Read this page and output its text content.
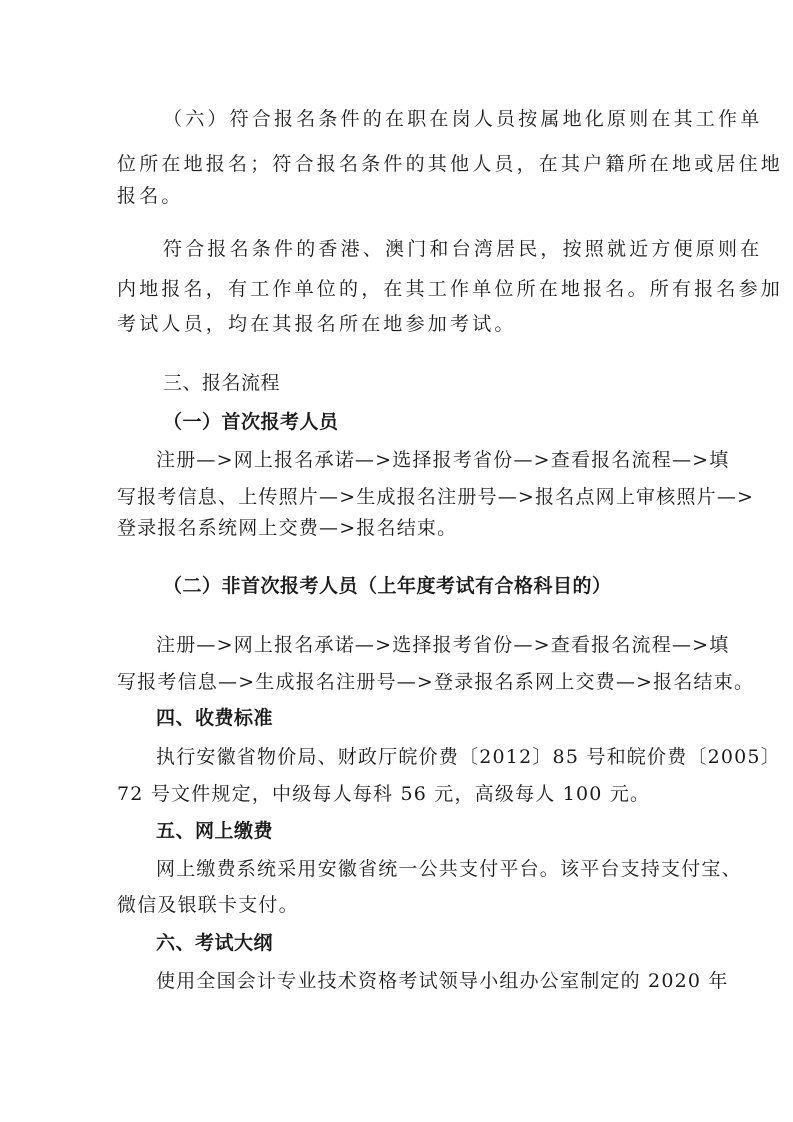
（六）符合报名条件的在职在岗人员按属地化原则在其工作单
位所在地报名；符合报名条件的其他人员，在其户籍所在地或居住地
报名。
符合报名条件的香港、澳门和台湾居民，按照就近方便原则在
内地报名，有工作单位的，在其工作单位所在地报名。所有报名参加
考试人员，均在其报名所在地参加考试。
三、报名流程
（一）首次报考人员
注册—>网上报名承诺—>选择报考省份—>查看报名流程—>填
写报考信息、上传照片—>生成报名注册号—>报名点网上审核照片—>
登录报名系统网上交费—>报名结束。
（二）非首次报考人员（上年度考试有合格科目的）
注册—>网上报名承诺—>选择报考省份—>查看报名流程—>填
写报考信息—>生成报名注册号—>登录报名系网上交费—>报名结束。
四、收费标准
执行安徽省物价局、财政厅皖价费〔2012〕85 号和皖价费〔2005〕
72 号文件规定，中级每人每科 56 元，高级每人 100 元。
五、网上缴费
网上缴费系统采用安徽省统一公共支付平台。该平台支持支付宝、
微信及银联卡支付。
六、考试大纲
使用全国会计专业技术资格考试领导小组办公室制定的 2020 年
